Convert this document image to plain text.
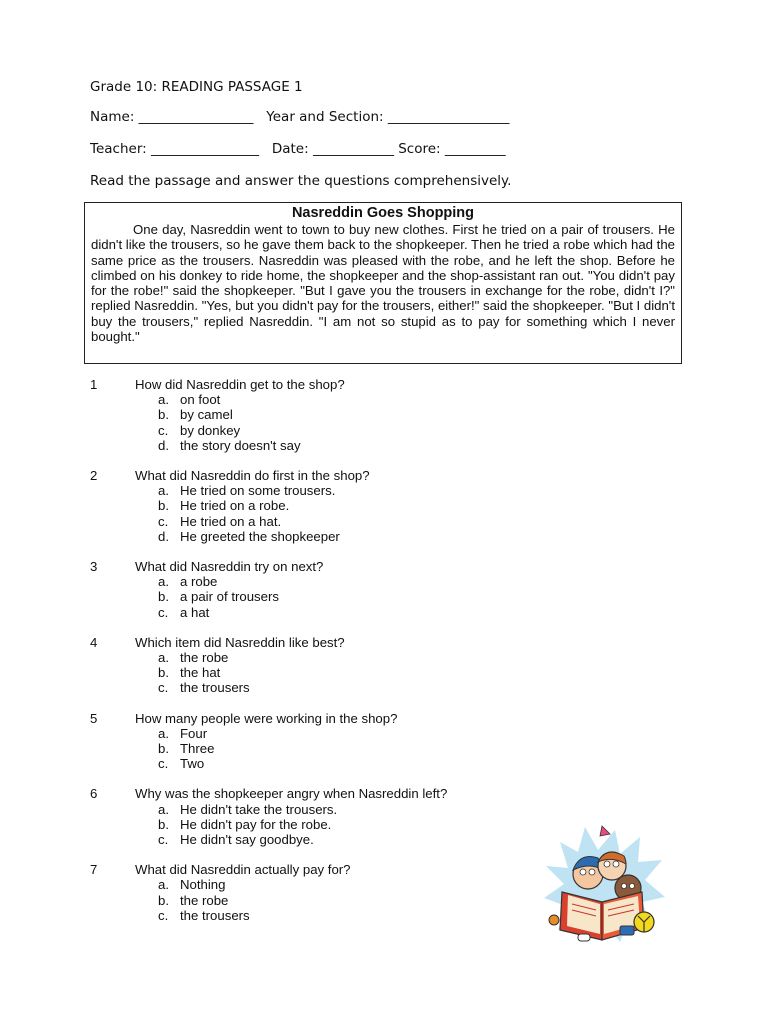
Grade 10: READING PASSAGE 1
Name: _________________   Year and Section: __________________
Teacher: ________________   Date: ____________ Score: _________
Read the passage and answer the questions comprehensively.
Nasreddin Goes Shopping

One day, Nasreddin went to town to buy new clothes. First he tried on a pair of trousers. He didn't like the trousers, so he gave them back to the shopkeeper. Then he tried a robe which had the same price as the trousers. Nasreddin was pleased with the robe, and he left the shop. Before he climbed on his donkey to ride home, the shopkeeper and the shop-assistant ran out. "You didn't pay for the robe!" said the shopkeeper. "But I gave you the trousers in exchange for the robe, didn't I?" replied Nasreddin. "Yes, but you didn't pay for the trousers, either!" said the shopkeeper. "But I didn't buy the trousers," replied Nasreddin. "I am not so stupid as to pay for something which I never bought."

1	How did Nasreddin get to the shop?
a. on foot
b. by camel
c. by donkey
d. the story doesn't say
2	What did Nasreddin do first in the shop?
a. He tried on some trousers.
b. He tried on a robe.
c. He tried on a hat.
d. He greeted the shopkeeper
3	What did Nasreddin try on next?
a. a robe
b. a pair of trousers
c. a hat
4	Which item did Nasreddin like best?
a. the robe
b. the hat
c. the trousers
5	How many people were working in the shop?
a. Four
b. Three
c. Two
6	Why was the shopkeeper angry when Nasreddin left?
a. He didn't take the trousers.
b. He didn't pay for the robe.
c. He didn't say goodbye.
7	What did Nasreddin actually pay for?
a. Nothing
b. the robe
c. the trousers
